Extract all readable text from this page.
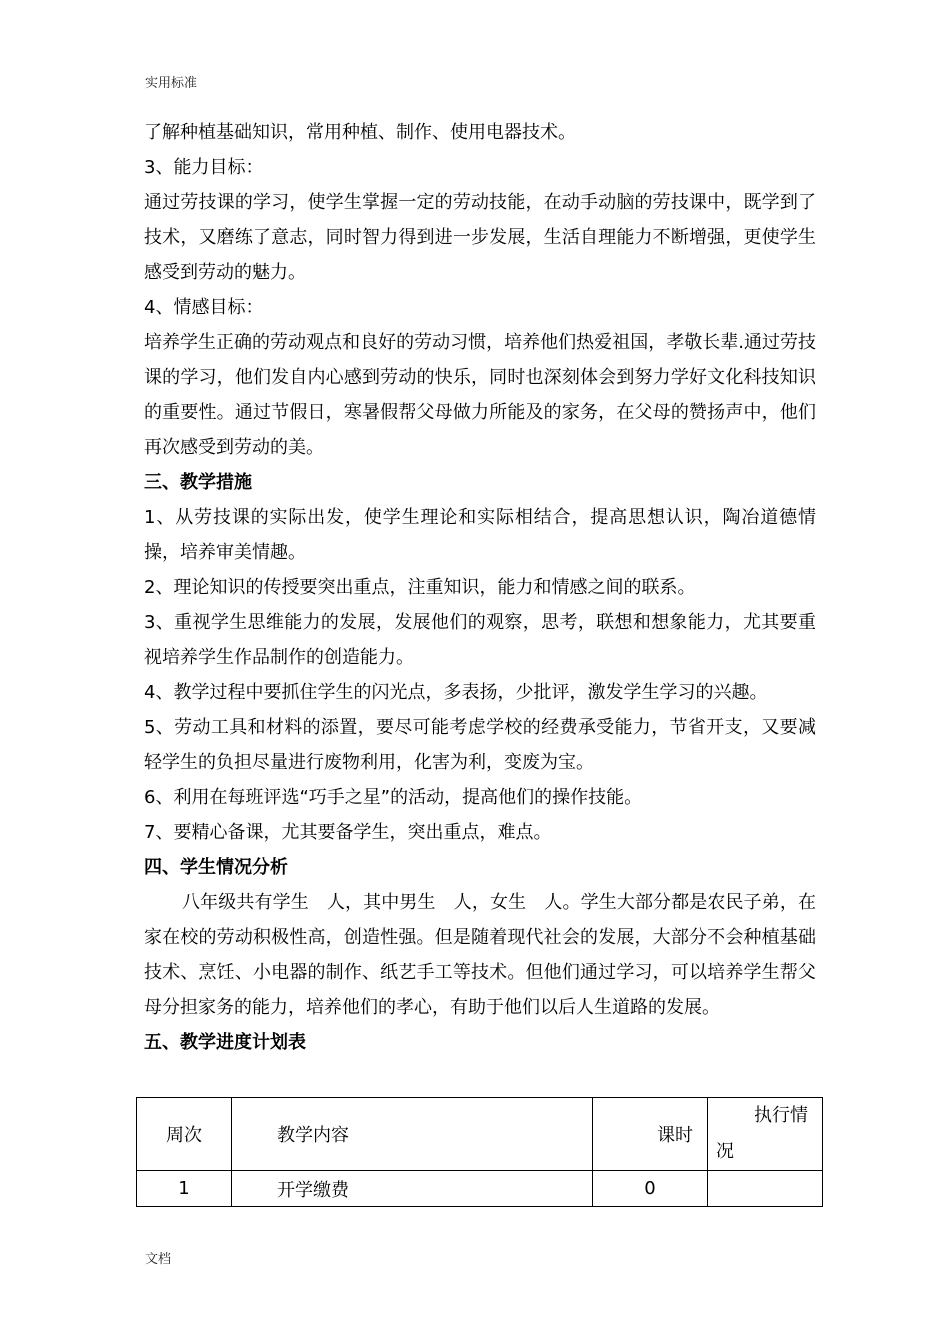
实用标准

了解种植基础知识，常用种植、制作、使用电器技术。

3、能力目标：

通过劳技课的学习，使学生掌握一定的劳动技能，在动手动脑的劳技课中，既学到了技术，又磨练了意志，同时智力得到进一步发展，生活自理能力不断增强，更使学生感受到劳动的魅力。

4、情感目标：

培养学生正确的劳动观点和良好的劳动习惯，培养他们热爱祖国，孝敬长辈.通过劳技课的学习，他们发自内心感到劳动的快乐，同时也深刻体会到努力学好文化科技知识的重要性。通过节假日，寒暑假帮父母做力所能及的家务，在父母的赞扬声中，他们再次感受到劳动的美。

三、教学措施

1、从劳技课的实际出发，使学生理论和实际相结合，提高思想认识，陶冶道德情操，培养审美情趣。

2、理论知识的传授要突出重点，注重知识，能力和情感之间的联系。

3、重视学生思维能力的发展，发展他们的观察，思考，联想和想象能力，尤其要重视培养学生作品制作的创造能力。

4、教学过程中要抓住学生的闪光点，多表扬，少批评，激发学生学习的兴趣。

5、劳动工具和材料的添置，要尽可能考虑学校的经费承受能力，节省开支，又要减轻学生的负担尽量进行废物利用，化害为利，变废为宝。

6、利用在每班评选“巧手之星”的活动，提高他们的操作技能。

7、要精心备课，尤其要备学生，突出重点，难点。

四、学生情况分析

八年级共有学生　人，其中男生　人，女生　人。学生大部分都是农民子弟，在家在校的劳动积极性高，创造性强。但是随着现代社会的发展，大部分不会种植基础技术、烹饪、小电器的制作、纸艺手工等技术。但他们通过学习，可以培养学生帮父母分担家务的能力，培养他们的孝心，有助于他们以后人生道路的发展。

五、教学进度计划表

周次	教学内容	课时	执行情
况

1	开学缴费	0	
文档
